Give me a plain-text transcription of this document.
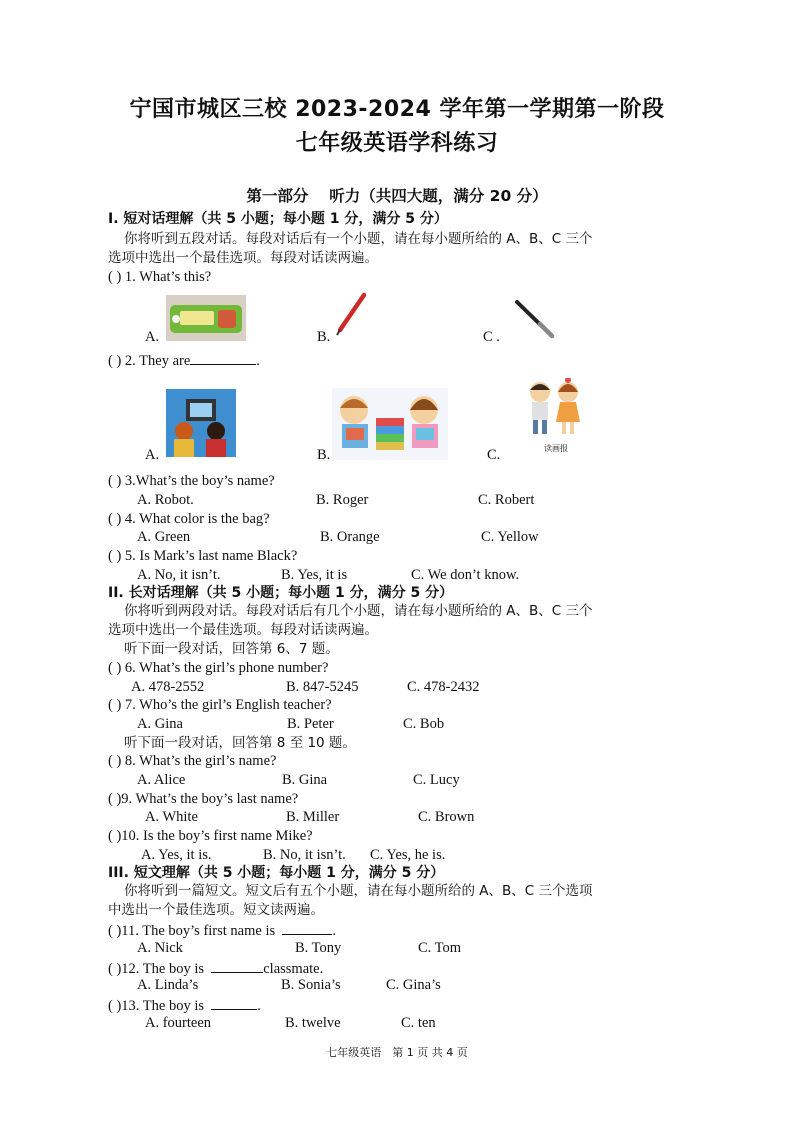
宁国市城区三校 2023-2024 学年第一学期第一阶段
七年级英语学科练习
第一部分　 听力（共四大题，满分 20 分）
I. 短对话理解（共 5 小题；每小题 1 分，满分 5 分）
你将听到五段对话。每段对话后有一个小题，请在每小题所给的 A、B、C 三个
选项中选出一个最佳选项。每段对话读两遍。
( ) 1. What’s this?
A.	B.	C .
( ) 2. They are	.
A.	B.	C.	读画报
( ) 3.What’s the boy’s name?
A. Robot.	B. Roger	C. Robert
( ) 4. What color is the bag?
A. Green	B. Orange	C. Yellow
( ) 5. Is Mark’s last name Black?
A. No, it isn’t.	B. Yes, it is	C. We don’t know.
II. 长对话理解（共 5 小题；每小题 1 分，满分 5 分）
你将听到两段对话。每段对话后有几个小题，请在每小题所给的 A、B、C 三个
选项中选出一个最佳选项。每段对话读两遍。
听下面一段对话，回答第 6、7 题。
( ) 6. What’s the girl’s phone number?
A. 478-2552	B. 847-5245	C. 478-2432
( ) 7. Who’s the girl’s English teacher?
A. Gina	B. Peter	C. Bob
听下面一段对话，回答第 8 至 10 题。
( ) 8. What’s the girl’s name?
A. Alice	B. Gina	C. Lucy
( )9. What’s the boy’s last name?
A. White	B. Miller	C. Brown
( )10. Is the boy’s first name Mike?
A. Yes, it is.	B. No, it isn’t. C. Yes, he is.
III. 短文理解（共 5 小题；每小题 1 分，满分 5 分）
你将听到一篇短文。短文后有五个小题，请在每小题所给的 A、B、C 三个选项
中选出一个最佳选项。短文读两遍。
( )11. The boy’s first name is	.
A. Nick	B. Tony	C. Tom
( )12. The boy is	classmate.
A. Linda’s	B. Sonia’s	C. Gina’s
( )13. The boy is	.
A. fourteen	B. twelve	C. ten
七年级英语　第 1 页 共 4 页
